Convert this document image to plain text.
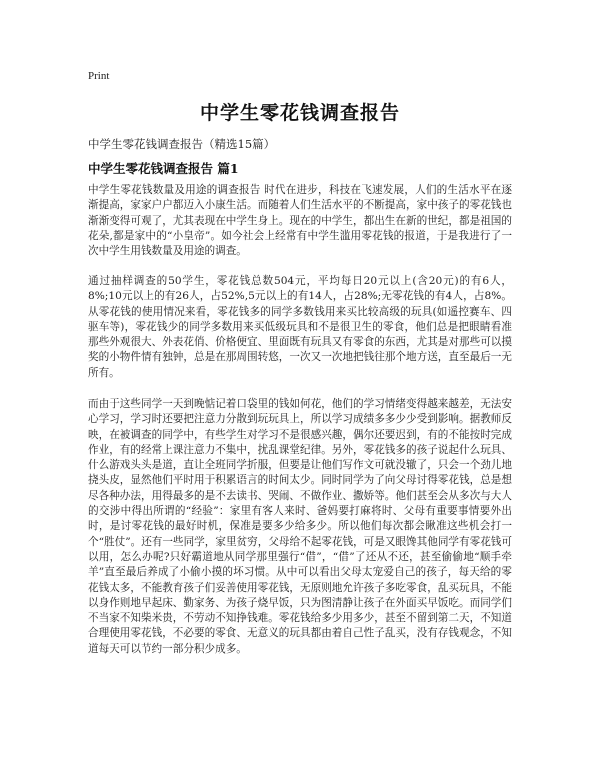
Print
中学生零花钱调查报告
中学生零花钱调查报告（精选15篇）
中学生零花钱调查报告 篇1

中学生零花钱数量及用途的调查报告 时代在进步，科技在飞速发展，人们的生活水平在逐渐提高，家家户户都迈入小康生活。而随着人们生活水平的不断提高，家中孩子的零花钱也渐渐变得可观了，尤其表现在中学生身上。现在的中学生，都出生在新的世纪，都是祖国的花朵,都是家中的“小皇帝”。如今社会上经常有中学生滥用零花钱的报道，于是我进行了一次中学生用钱数量及用途的调查。

通过抽样调查的50学生，零花钱总数504元，平均每日20元以上(含20元)的有6人，8%;10元以上的有26人，占52%,5元以上的有14人，占28%;无零花钱的有4人，占8%。从零花钱的使用情况来看，零花钱多的同学多数钱用来买比较高级的玩具(如遥控赛车、四驱车等)，零花钱少的同学多数用来买低级玩具和不是很卫生的零食，他们总是把眼睛看准那些外观很大、外表花俏、价格便宜、里面既有玩具又有零食的东西，尤其是对那些可以摸奖的小物件情有独钟，总是在那周围转悠，一次又一次地把钱往那个地方送，直至最后一无所有。

而由于这些同学一天到晚惦记着口袋里的钱如何花，他们的学习情绪变得越来越差，无法安心学习，学习时还要把注意力分散到玩玩具上，所以学习成绩多多少少受到影响。据教师反映，在被调查的同学中，有些学生对学习不是很感兴趣，偶尔还要迟到，有的不能按时完成作业，有的经常上课注意力不集中，扰乱课堂纪律。另外，零花钱多的孩子说起什么玩具、什么游戏头头是道，直让全班同学折服，但要是让他们写作文可就没辙了，只会一个劲儿地挠头皮，显然他们平时用于积累语言的时间太少。同时同学为了向父母讨得零花钱，总是想尽各种办法，用得最多的是不去读书、哭闹、不做作业、撒娇等。他们甚至会从多次与大人的交涉中得出所谓的“经验”：家里有客人来时、爸妈要打麻将时、父母有重要事情要外出时，是讨零花钱的最好时机，保准是要多少给多少。所以他们每次都会瞅准这些机会打一个“胜仗”。还有一些同学，家里贫穷，父母给不起零花钱，可是又眼馋其他同学有零花钱可以用，怎么办呢?只好霸道地从同学那里强行“借”，“借”了还从不还，甚至偷偷地“顺手牵羊”直至最后养成了小偷小摸的坏习惯。从中可以看出父母太宠爱自己的孩子，每天给的零花钱太多，不能教育孩子们妥善使用零花钱，无原则地允许孩子多吃零食，乱买玩具，不能以身作则地早起床、勤家务、为孩子烧早饭，只为图清静让孩子在外面买早饭吃。而同学们不当家不知柴米贵，不劳动不知挣钱难。零花钱给多少用多少，甚至不留到第二天，不知道合理使用零花钱，不必要的零食、无意义的玩具都由着自己性子乱买，没有存钱观念，不知道每天可以节约一部分积少成多。
